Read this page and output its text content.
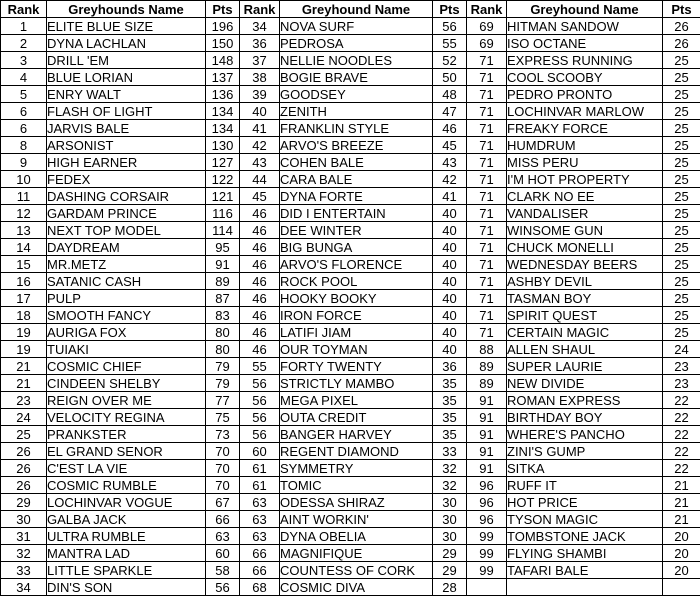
Rank	Greyhounds Name	Pts	Rank	Greyhound Name	Pts	Rank	Greyhound Name	Pts
1	ELITE BLUE SIZE	196	34	NOVA SURF	56	69	HITMAN SANDOW	26
2	DYNA LACHLAN	150	36	PEDROSA	55	69	ISO OCTANE	26
3	DRILL 'EM	148	37	NELLIE NOODLES	52	71	EXPRESS RUNNING	25
4	BLUE LORIAN	137	38	BOGIE BRAVE	50	71	COOL SCOOBY	25
5	ENRY WALT	136	39	GOODSEY	48	71	PEDRO PRONTO	25
6	FLASH OF LIGHT	134	40	ZENITH	47	71	LOCHINVAR MARLOW	25
6	JARVIS BALE	134	41	FRANKLIN STYLE	46	71	FREAKY FORCE	25
8	ARSONIST	130	42	ARVO'S BREEZE	45	71	HUMDRUM	25
9	HIGH EARNER	127	43	COHEN BALE	43	71	MISS PERU	25
10	FEDEX	122	44	CARA BALE	42	71	I'M HOT PROPERTY	25
11	DASHING CORSAIR	121	45	DYNA FORTE	41	71	CLARK NO EE	25
12	GARDAM PRINCE	116	46	DID I ENTERTAIN	40	71	VANDALISER	25
13	NEXT TOP MODEL	114	46	DEE WINTER	40	71	WINSOME GUN	25
14	DAYDREAM	95	46	BIG BUNGA	40	71	CHUCK MONELLI	25
15	MR.METZ	91	46	ARVO'S FLORENCE	40	71	WEDNESDAY BEERS	25
16	SATANIC CASH	89	46	ROCK POOL	40	71	ASHBY DEVIL	25
17	PULP	87	46	HOOKY BOOKY	40	71	TASMAN BOY	25
18	SMOOTH FANCY	83	46	IRON FORCE	40	71	SPIRIT QUEST	25
19	AURIGA FOX	80	46	LATIFI JIAM	40	71	CERTAIN MAGIC	25
19	TUIAKI	80	46	OUR TOYMAN	40	88	ALLEN SHAUL	24
21	COSMIC CHIEF	79	55	FORTY TWENTY	36	89	SUPER LAURIE	23
21	CINDEEN SHELBY	79	56	STRICTLY MAMBO	35	89	NEW DIVIDE	23
23	REIGN OVER ME	77	56	MEGA PIXEL	35	91	ROMAN EXPRESS	22
24	VELOCITY REGINA	75	56	OUTA CREDIT	35	91	BIRTHDAY BOY	22
25	PRANKSTER	73	56	BANGER HARVEY	35	91	WHERE'S PANCHO	22
26	EL GRAND SENOR	70	60	REGENT DIAMOND	33	91	ZINI'S GUMP	22
26	C'EST LA VIE	70	61	SYMMETRY	32	91	SITKA	22
26	COSMIC RUMBLE	70	61	TOMIC	32	96	RUFF IT	21
29	LOCHINVAR VOGUE	67	63	ODESSA SHIRAZ	30	96	HOT PRICE	21
30	GALBA JACK	66	63	AINT WORKIN'	30	96	TYSON MAGIC	21
31	ULTRA RUMBLE	63	63	DYNA OBELIA	30	99	TOMBSTONE JACK	20
32	MANTRA LAD	60	66	MAGNIFIQUE	29	99	FLYING SHAMBI	20
33	LITTLE SPARKLE	58	66	COUNTESS OF CORK	29	99	TAFARI BALE	20
34	DIN'S SON	56	68	COSMIC DIVA	28			
